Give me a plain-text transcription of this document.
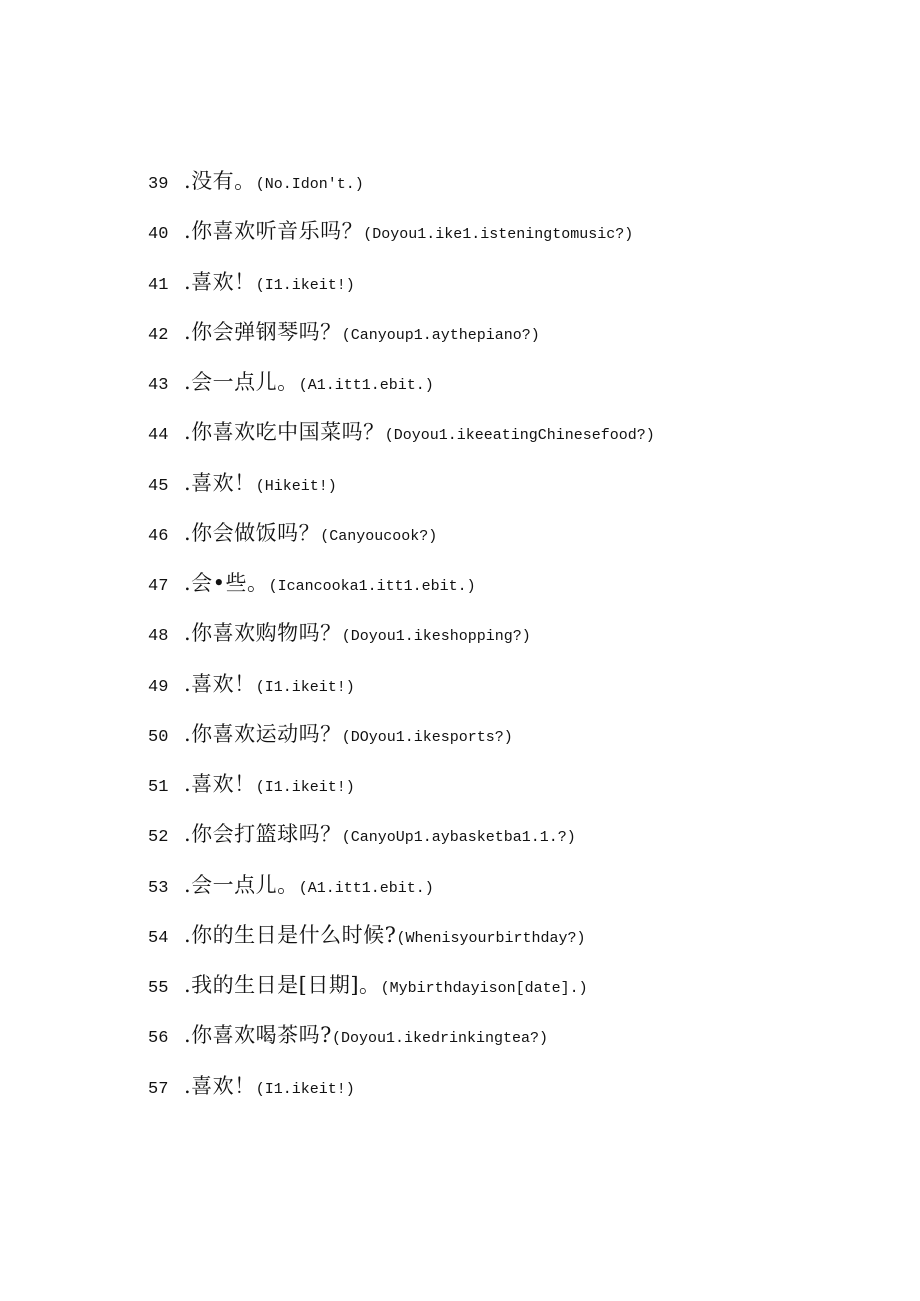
39 .没有。 (No.Idon't.)
40 .你喜欢听音乐吗？ (Doyou1.ike1.isteningtomusic?)
41 .喜欢！ (I1.ikeit!)
42 .你会弹钢琴吗？ (Canyoup1.aythepiano?)
43 .会一点儿。 (A1.itt1.ebit.)
44 .你喜欢吃中国菜吗？ (Doyou1.ikeeatingChinesefood?)
45 .喜欢！ (Hikeit!)
46 .你会做饭吗？ (Canyoucook?)
47 .会•些。 (Icancooka1.itt1.ebit.)
48 .你喜欢购物吗？ (Doyou1.ikeshopping?)
49 .喜欢！ (I1.ikeit!)
50 .你喜欢运动吗？ (DOyou1.ikesports?)
51 .喜欢！ (I1.ikeit!)
52 .你会打篮球吗？ (CanyoUp1.aybasketba1.1.?)
53 .会一点儿。 (A1.itt1.ebit.)
54 .你的生日是什么时候? (Whenisyourbirthday?)
55 .我的生日是[日期]。 (Mybirthdayison[date].)
56 .你喜欢喝茶吗? (Doyou1.ikedrinkingtea?)
57 .喜欢！ (I1.ikeit!)
